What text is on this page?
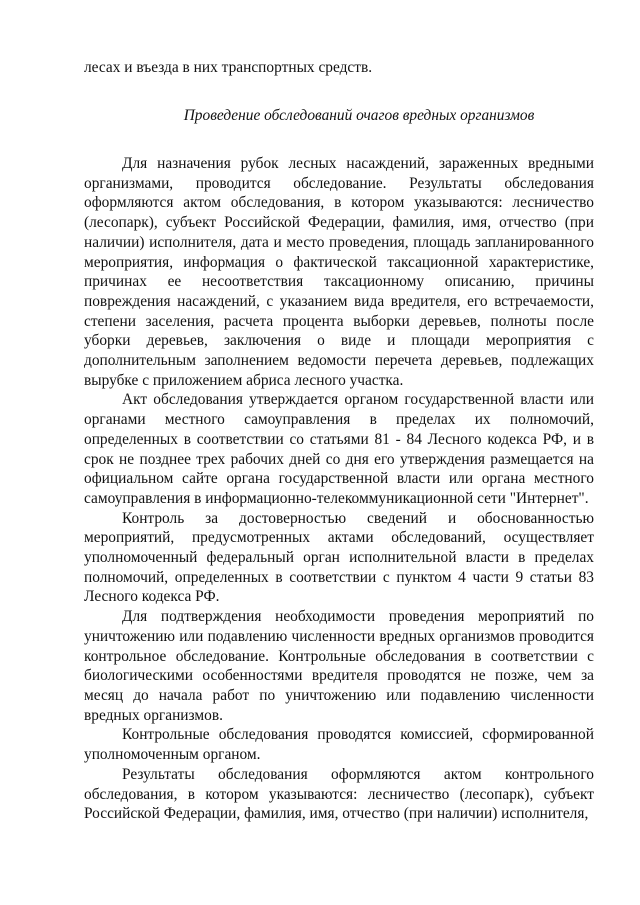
лесах и въезда в них транспортных средств.

Проведение обследований очагов вредных организмов

Для назначения рубок лесных насаждений, зараженных вредными организмами, проводится обследование. Результаты обследования оформляются актом обследования, в котором указываются: лесничество (лесопарк), субъект Российской Федерации, фамилия, имя, отчество (при наличии) исполнителя, дата и место проведения, площадь запланированного мероприятия, информация о фактической таксационной характеристике, причинах ее несоответствия таксационному описанию, причины повреждения насаждений, с указанием вида вредителя, его встречаемости, степени заселения, расчета процента выборки деревьев, полноты после уборки деревьев, заключения о виде и площади мероприятия с дополнительным заполнением ведомости перечета деревьев, подлежащих вырубке с приложением абриса лесного участка.

Акт обследования утверждается органом государственной власти или органами местного самоуправления в пределах их полномочий, определенных в соответствии со статьями 81 - 84 Лесного кодекса РФ, и в срок не позднее трех рабочих дней со дня его утверждения размещается на официальном сайте органа государственной власти или органа местного самоуправления в информационно-телекоммуникационной сети "Интернет".

Контроль за достоверностью сведений и обоснованностью мероприятий, предусмотренных актами обследований, осуществляет уполномоченный федеральный орган исполнительной власти в пределах полномочий, определенных в соответствии с пунктом 4 части 9 статьи 83 Лесного кодекса РФ.

Для подтверждения необходимости проведения мероприятий по уничтожению или подавлению численности вредных организмов проводится контрольное обследование. Контрольные обследования в соответствии с биологическими особенностями вредителя проводятся не позже, чем за месяц до начала работ по уничтожению или подавлению численности вредных организмов.

Контрольные обследования проводятся комиссией, сформированной уполномоченным органом.

Результаты обследования оформляются актом контрольного обследования, в котором указываются: лесничество (лесопарк), субъект Российской Федерации, фамилия, имя, отчество (при наличии) исполнителя,
